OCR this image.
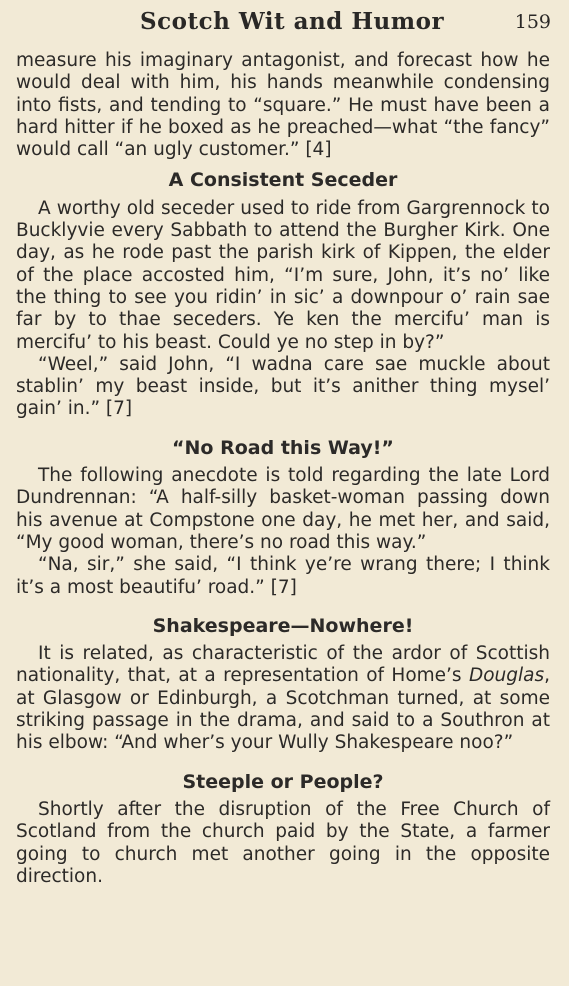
Scotch Wit and Humor	159

measure his imaginary antagonist, and forecast how he would deal with him, his hands meanwhile condensing into fists, and tending to “square.” He must have been a hard hitter if he boxed as he preached—what “the fancy” would call “an ugly customer.” [4]

A Consistent Seceder

A worthy old seceder used to ride from Gargrennock to Bucklyvie every Sabbath to attend the Burgher Kirk. One day, as he rode past the parish kirk of Kippen, the elder of the place accosted him, “I’m sure, John, it’s no’ like the thing to see you ridin’ in sic’ a downpour o’ rain sae far by to thae seceders. Ye ken the mercifu’ man is mercifu’ to his beast. Could ye no step in by?”

“Weel,” said John, “I wadna care sae muckle about stablin’ my beast inside, but it’s anither thing mysel’ gain’ in.” [7]

“No Road this Way!”

The following anecdote is told regarding the late Lord Dundrennan: “A half-silly basket-woman passing down his avenue at Compstone one day, he met her, and said, “My good woman, there’s no road this way.”

“Na, sir,” she said, “I think ye’re wrang there; I think it’s a most beautifu’ road.” [7]

Shakespeare—Nowhere!

It is related, as characteristic of the ardor of Scottish nationality, that, at a representation of Home’s Douglas, at Glasgow or Edinburgh, a Scotchman turned, at some striking passage in the drama, and said to a Southron at his elbow: “And wher’s your Wully Shakespeare noo?”

Steeple or People?

Shortly after the disruption of the Free Church of Scotland from the church paid by the State, a farmer going to church met another going in the opposite direction.
